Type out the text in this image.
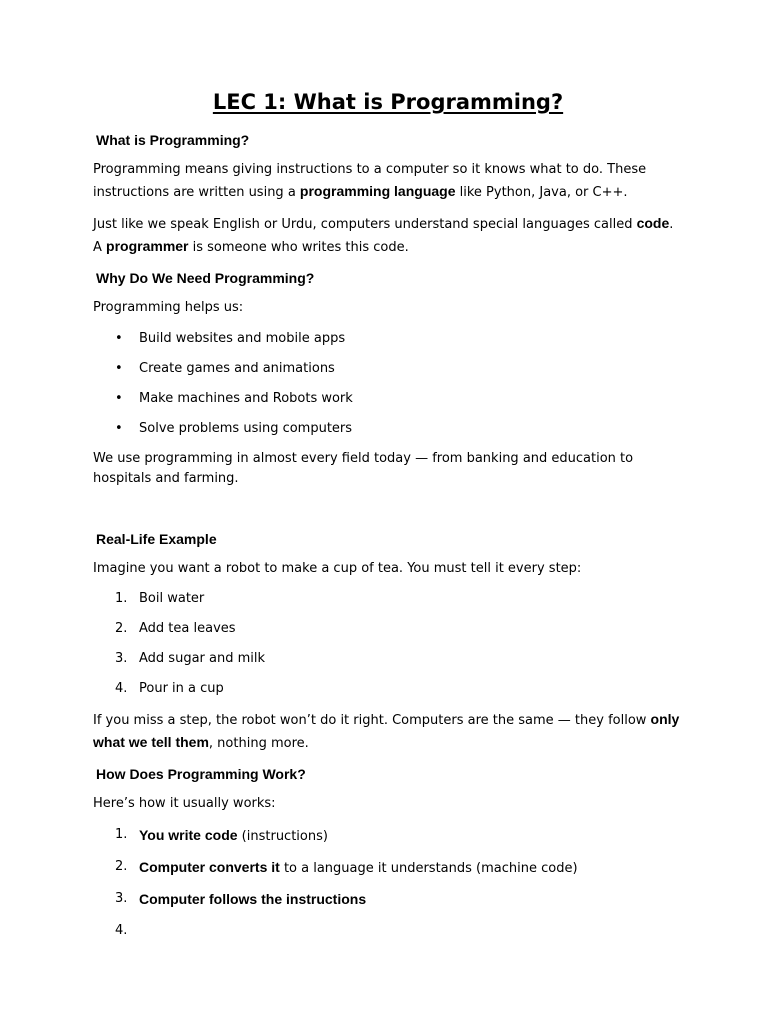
LEC 1: What is Programming?
What is Programming?

Programming means giving instructions to a computer so it knows what to do. These instructions are written using a programming language like Python, Java, or C++.

Just like we speak English or Urdu, computers understand special languages called code. A programmer is someone who writes this code.

Why Do We Need Programming?

Programming helps us:

• Build websites and mobile apps
• Create games and animations
• Make machines and Robots work
• Solve problems using computers

We use programming in almost every field today — from banking and education to hospitals and farming.

Real-Life Example

Imagine you want a robot to make a cup of tea. You must tell it every step:

1. Boil water
2. Add tea leaves
3. Add sugar and milk
4. Pour in a cup

If you miss a step, the robot won’t do it right. Computers are the same — they follow only what we tell them, nothing more.

How Does Programming Work?

Here’s how it usually works:

1. You write code (instructions)
2. Computer converts it to a language it understands (machine code)
3. Computer follows the instructions
4.
